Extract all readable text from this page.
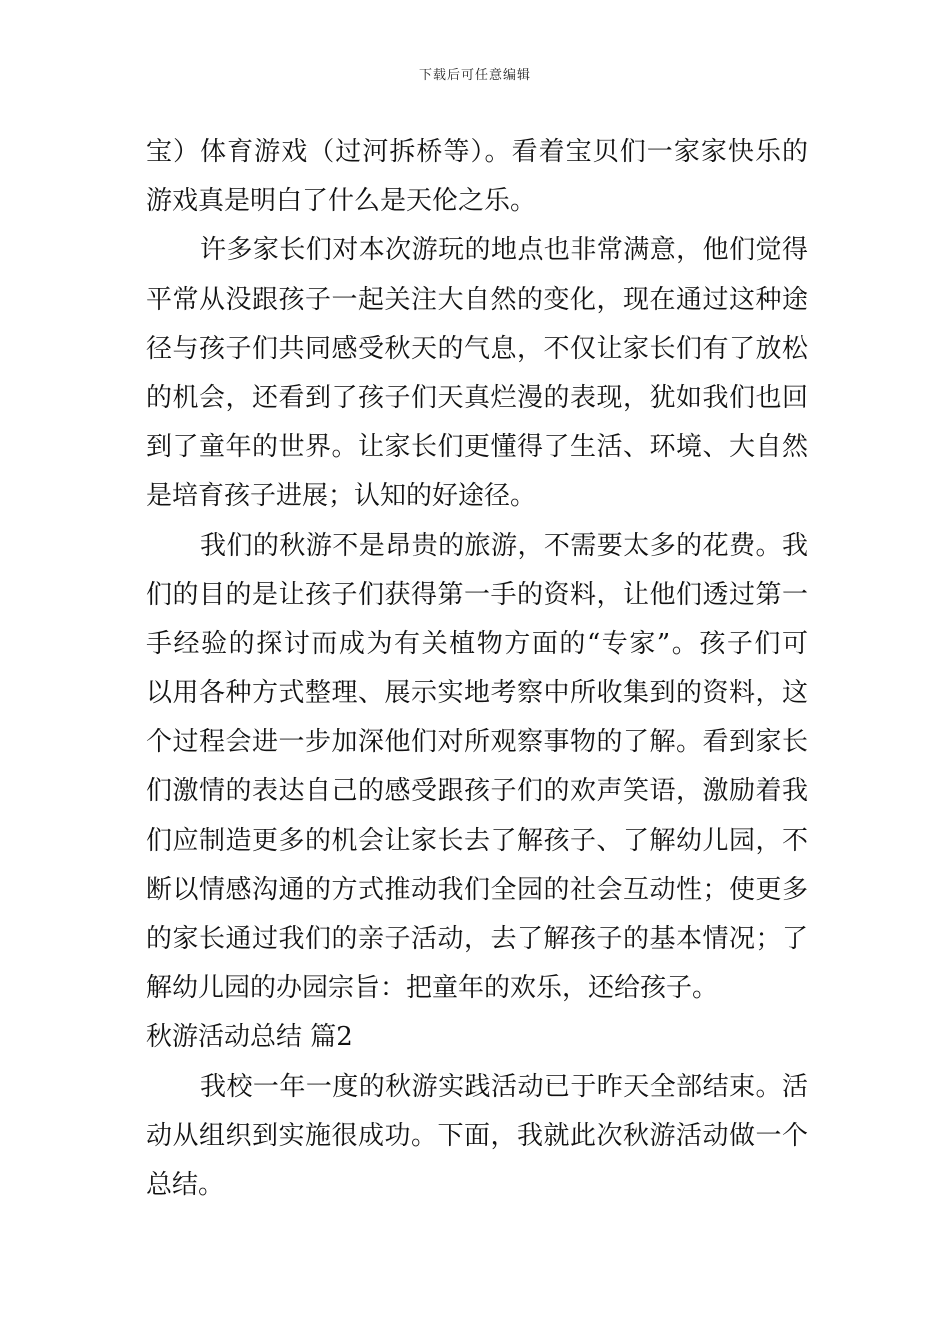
下载后可任意编辑
宝）体育游戏（过河拆桥等）。看着宝贝们一家家快乐的
游戏真是明白了什么是天伦之乐。
许多家长们对本次游玩的地点也非常满意，他们觉得
平常从没跟孩子一起关注大自然的变化，现在通过这种途
径与孩子们共同感受秋天的气息，不仅让家长们有了放松
的机会，还看到了孩子们天真烂漫的表现，犹如我们也回
到了童年的世界。让家长们更懂得了生活、环境、大自然
是培育孩子进展；认知的好途径。
我们的秋游不是昂贵的旅游，不需要太多的花费。我
们的目的是让孩子们获得第一手的资料，让他们透过第一
手经验的探讨而成为有关植物方面的“专家”。孩子们可
以用各种方式整理、展示实地考察中所收集到的资料，这
个过程会进一步加深他们对所观察事物的了解。看到家长
们激情的表达自己的感受跟孩子们的欢声笑语，激励着我
们应制造更多的机会让家长去了解孩子、了解幼儿园，不
断以情感沟通的方式推动我们全园的社会互动性；使更多
的家长通过我们的亲子活动，去了解孩子的基本情况；了
解幼儿园的办园宗旨：把童年的欢乐，还给孩子。
秋游活动总结 篇2
我校一年一度的秋游实践活动已于昨天全部结束。活
动从组织到实施很成功。下面，我就此次秋游活动做一个
总结。
